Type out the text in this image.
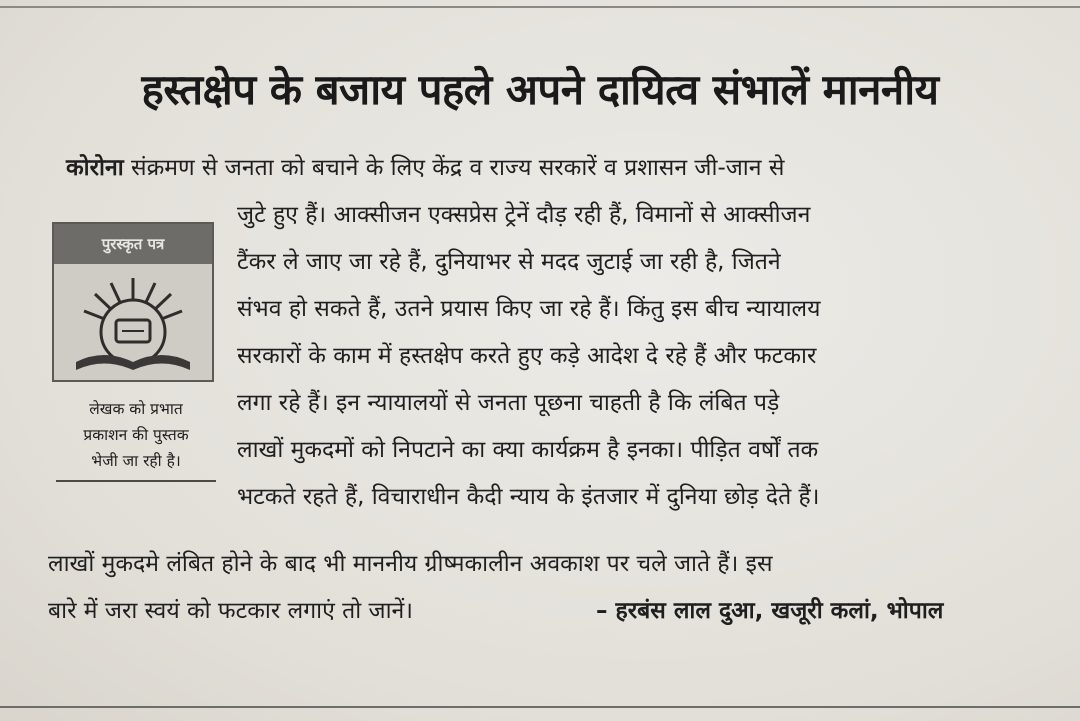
हस्तक्षेप के बजाय पहले अपने दायित्व संभालें माननीय
कोरोना संक्रमण से जनता को बचाने के लिए केंद्र व राज्य सरकारें व प्रशासन जी-जान से
जुटे हुए हैं। आक्सीजन एक्सप्रेस ट्रेनें दौड़ रही हैं, विमानों से आक्सीजन
टैंकर ले जाए जा रहे हैं, दुनियाभर से मदद जुटाई जा रही है, जितने
संभव हो सकते हैं, उतने प्रयास किए जा रहे हैं। किंतु इस बीच न्यायालय
सरकारों के काम में हस्तक्षेप करते हुए कड़े आदेश दे रहे हैं और फटकार
लगा रहे हैं। इन न्यायालयों से जनता पूछना चाहती है कि लंबित पड़े
लाखों मुकदमों को निपटाने का क्या कार्यक्रम है इनका। पीड़ित वर्षों तक
भटकते रहते हैं, विचाराधीन कैदी न्याय के इंतजार में दुनिया छोड़ देते हैं।
लाखों मुकदमे लंबित होने के बाद भी माननीय ग्रीष्मकालीन अवकाश पर चले जाते हैं। इस
बारे में जरा स्वयं को फटकार लगाएं तो जानें।	– हरबंस लाल दुआ, खजूरी कलां, भोपाल
पुरस्कृत पत्र
लेखक को प्रभात
प्रकाशन की पुस्तक
भेजी जा रही है।
